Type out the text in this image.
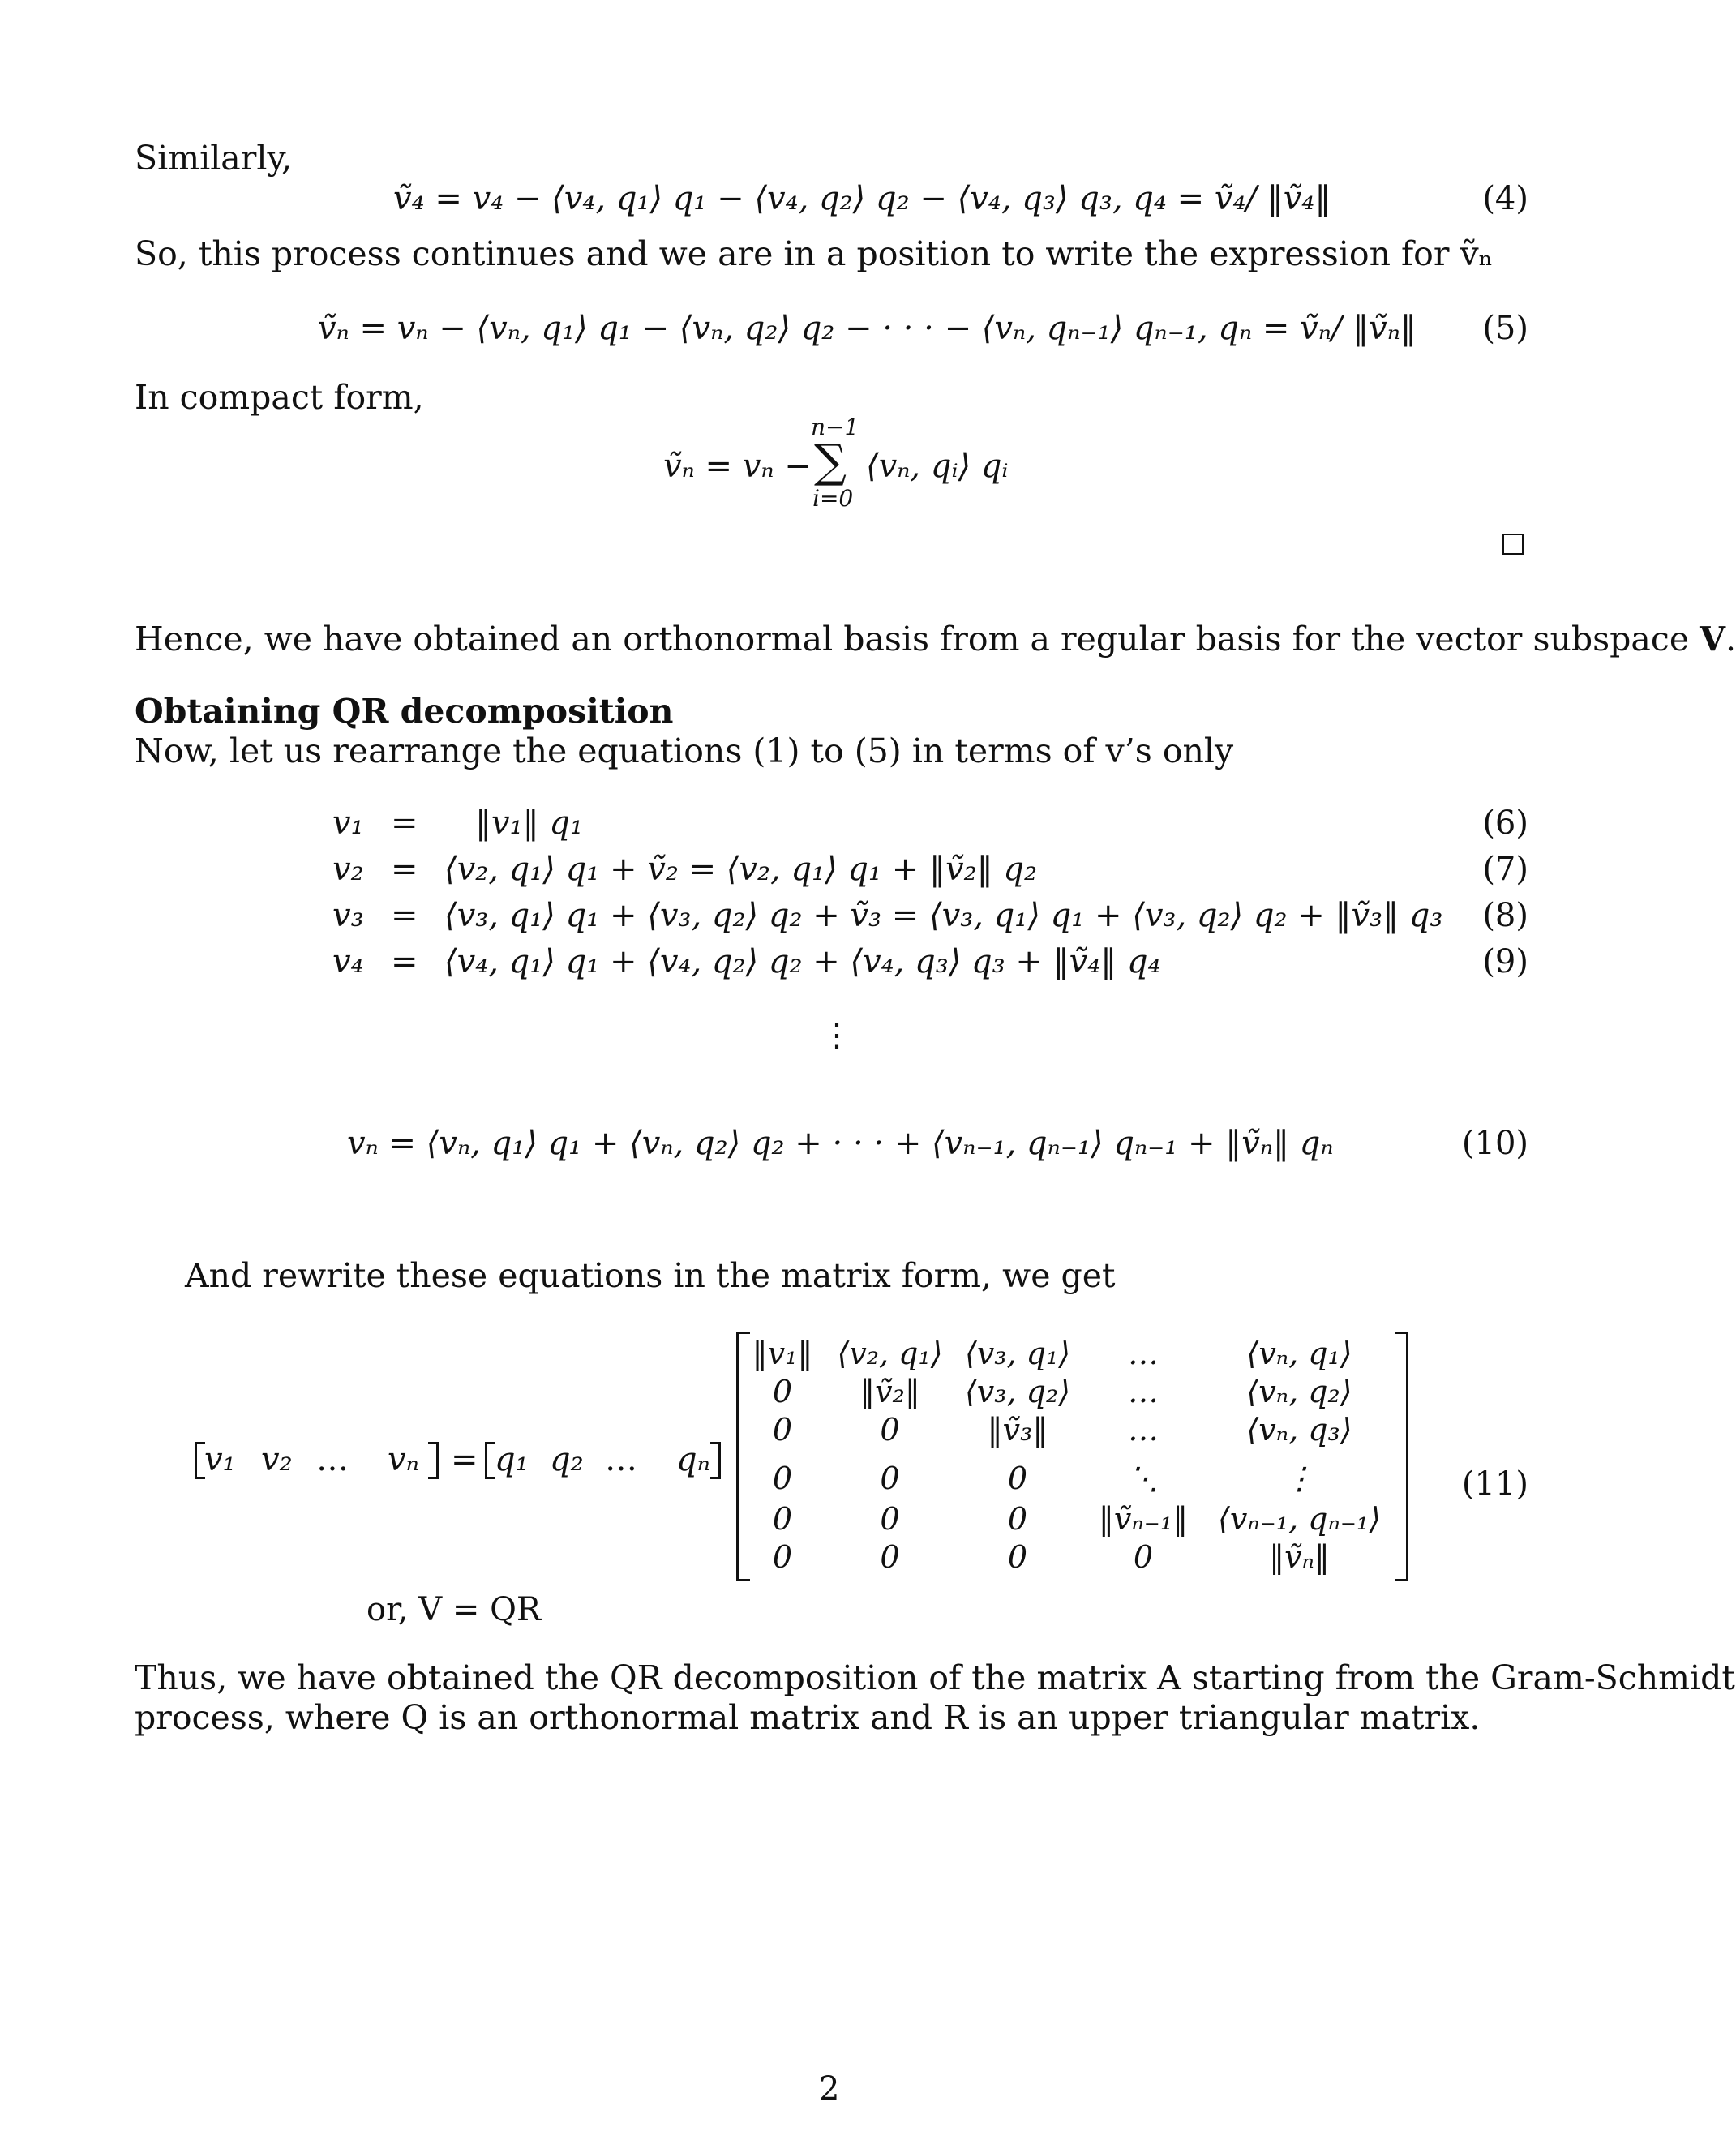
Similarly,
ṽ₄ = v₄ − ⟨v₄, q₁⟩ q₁ − ⟨v₄, q₂⟩ q₂ − ⟨v₄, q₃⟩ q₃, q₄ = ṽ₄/ ‖ṽ₄‖	(4)
So, this process continues and we are in a position to write the expression for ṽₙ
ṽₙ = vₙ − ⟨vₙ, q₁⟩ q₁ − ⟨vₙ, q₂⟩ q₂ − · · · − ⟨vₙ, qₙ₋₁⟩ qₙ₋₁, qₙ = ṽₙ/ ‖ṽₙ‖ (5)
In compact form,
ṽₙ = vₙ −
n−1
∑
i=0
⟨vₙ, qᵢ⟩ qᵢ
Hence, we have obtained an orthonormal basis from a regular basis for the vector subspace V.
Obtaining QR decomposition
Now, let us rearrange the equations (1) to (5) in terms of v’s only
v₁ = ‖v₁‖ q₁	(6)
v₂ = ⟨v₂, q₁⟩ q₁ + ṽ₂ = ⟨v₂, q₁⟩ q₁ + ‖ṽ₂‖ q₂	(7)
v₃ = ⟨v₃, q₁⟩ q₁ + ⟨v₃, q₂⟩ q₂ + ṽ₃ = ⟨v₃, q₁⟩ q₁ + ⟨v₃, q₂⟩ q₂ + ‖ṽ₃‖ q₃ (8)
v₄ = ⟨v₄, q₁⟩ q₁ + ⟨v₄, q₂⟩ q₂ + ⟨v₄, q₃⟩ q₃ + ‖ṽ₄‖ q₄	(9)
⋮
vₙ = ⟨vₙ, q₁⟩ q₁ + ⟨vₙ, q₂⟩ q₂ + · · · + ⟨vₙ₋₁, qₙ₋₁⟩ qₙ₋₁ + ‖ṽₙ‖ qₙ	(10)
And rewrite these equations in the matrix form, we get
v₁ v₂ … vₙ = q₁ q₂ … qₙ
‖v₁‖ ⟨v₂, q₁⟩ ⟨v₃, q₁⟩	…	⟨vₙ, q₁⟩
0	‖ṽ₂‖	⟨v₃, q₂⟩	…	⟨vₙ, q₂⟩
0	0	‖ṽ₃‖	…	⟨vₙ, q₃⟩
0	0	0	⋱	⋮
0	0	0	‖ṽₙ₋₁‖ ⟨vₙ₋₁, qₙ₋₁⟩
0	0	0	0	‖ṽₙ‖
(11)
or, V = QR
Thus, we have obtained the QR decomposition of the matrix A starting from the Gram-Schmidt
process, where Q is an orthonormal matrix and R is an upper triangular matrix.
2
